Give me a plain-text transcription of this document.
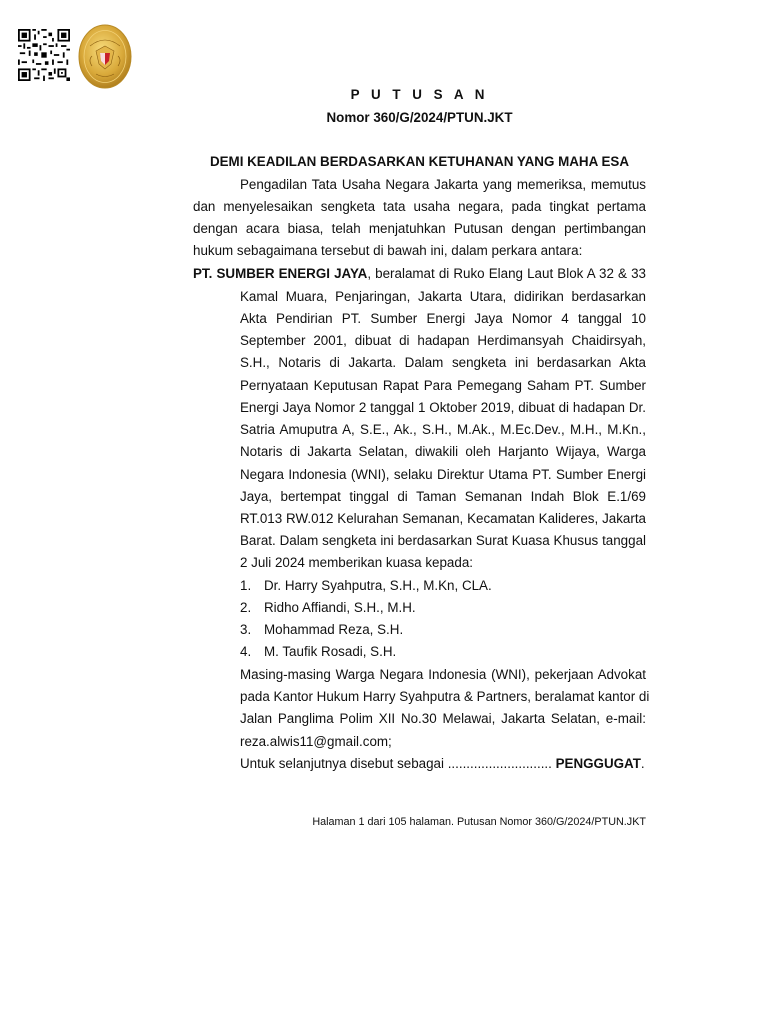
P U T U S A N
Nomor 360/G/2024/PTUN.JKT
DEMI KEADILAN BERDASARKAN KETUHANAN YANG MAHA ESA
Pengadilan Tata Usaha Negara Jakarta yang memeriksa, memutus
dan menyelesaikan sengketa tata usaha negara, pada tingkat pertama
dengan acara biasa, telah menjatuhkan Putusan dengan pertimbangan
hukum sebagaimana tersebut di bawah ini, dalam perkara antara:
PT. SUMBER ENERGI JAYA, beralamat di Ruko Elang Laut Blok A 32 & 33
Kamal Muara, Penjaringan, Jakarta Utara, didirikan berdasarkan
Akta Pendirian PT. Sumber Energi Jaya Nomor 4 tanggal 10
September 2001, dibuat di hadapan Herdimansyah Chaidirsyah,
S.H., Notaris di Jakarta. Dalam sengketa ini berdasarkan Akta
Pernyataan Keputusan Rapat Para Pemegang Saham PT. Sumber
Energi Jaya Nomor 2 tanggal 1 Oktober 2019, dibuat di hadapan Dr.
Satria Amuputra A, S.E., Ak., S.H., M.Ak., M.Ec.Dev., M.H., M.Kn.,
Notaris di Jakarta Selatan, diwakili oleh Harjanto Wijaya, Warga
Negara Indonesia (WNI), selaku Direktur Utama PT. Sumber Energi
Jaya, bertempat tinggal di Taman Semanan Indah Blok E.1/69
RT.013 RW.012 Kelurahan Semanan, Kecamatan Kalideres, Jakarta
Barat. Dalam sengketa ini berdasarkan Surat Kuasa Khusus tanggal
2 Juli 2024 memberikan kuasa kepada:
1. Dr. Harry Syahputra, S.H., M.Kn, CLA.
2. Ridho Affiandi, S.H., M.H.
3. Mohammad Reza, S.H.
4. M. Taufik Rosadi, S.H.
Masing-masing Warga Negara Indonesia (WNI), pekerjaan Advokat
pada Kantor Hukum Harry Syahputra & Partners, beralamat kantor di
Jalan Panglima Polim XII No.30 Melawai, Jakarta Selatan, e-mail:
reza.alwis11@gmail.com;
Untuk selanjutnya disebut sebagai ............................ PENGGUGAT.
Halaman 1 dari 105 halaman. Putusan Nomor 360/G/2024/PTUN.JKT
